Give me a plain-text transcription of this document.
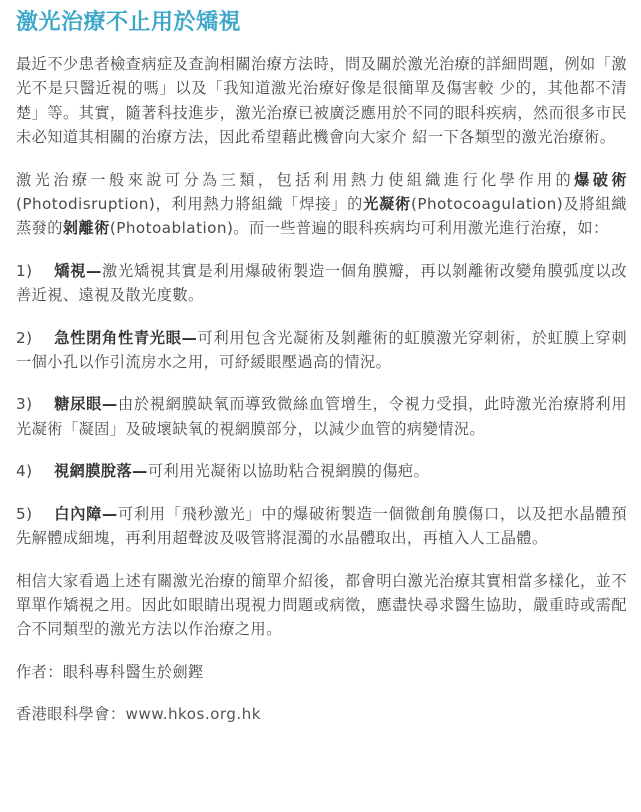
激光治療不止用於矯視

最近不少患者檢查病症及查詢相關治療方法時，問及關於激光治療的詳細問題，例如「激光不是只醫近視的嗎」以及「我知道激光治療好像是很簡單及傷害較 少的，其他都不清楚」等。其實，隨著科技進步，激光治療已被廣泛應用於不同的眼科疾病，然而很多市民未必知道其相關的治療方法，因此希望藉此機會向大家介 紹一下各類型的激光治療術。

激光治療一般來說可分為三類，包括利用熱力使組織進行化學作用的爆破術(Photodisruption)，利用熱力將組織「焊接」的光凝術(Photocoagulation)及將組織蒸發的剝離術(Photoablation)。而一些普遍的眼科疾病均可利用激光進行治療，如：

1) 矯視—激光矯視其實是利用爆破術製造一個角膜瓣，再以剝離術改變角膜弧度以改善近視、遠視及散光度數。

2) 急性閉角性青光眼—可利用包含光凝術及剝離術的虹膜激光穿刺術，於虹膜上穿刺一個小孔以作引流房水之用，可紓緩眼壓過高的情況。

3) 糖尿眼—由於視網膜缺氧而導致微絲血管增生，令視力受損，此時激光治療將利用光凝術「凝固」及破壞缺氧的視網膜部分，以減少血管的病變情況。

4) 視網膜脫落—可利用光凝術以協助粘合視網膜的傷疤。

5) 白內障—可利用「飛秒激光」中的爆破術製造一個微創角膜傷口，以及把水晶體預先解體成細塊，再利用超聲波及吸管將混濁的水晶體取出，再植入人工晶體。

相信大家看過上述有關激光治療的簡單介紹後，都會明白激光治療其實相當多樣化，並不單單作矯視之用。因此如眼睛出現視力問題或病徵，應盡快尋求醫生協助，嚴重時或需配合不同類型的激光方法以作治療之用。

作者：眼科專科醫生於劍鏗

香港眼科學會：www.hkos.org.hk
